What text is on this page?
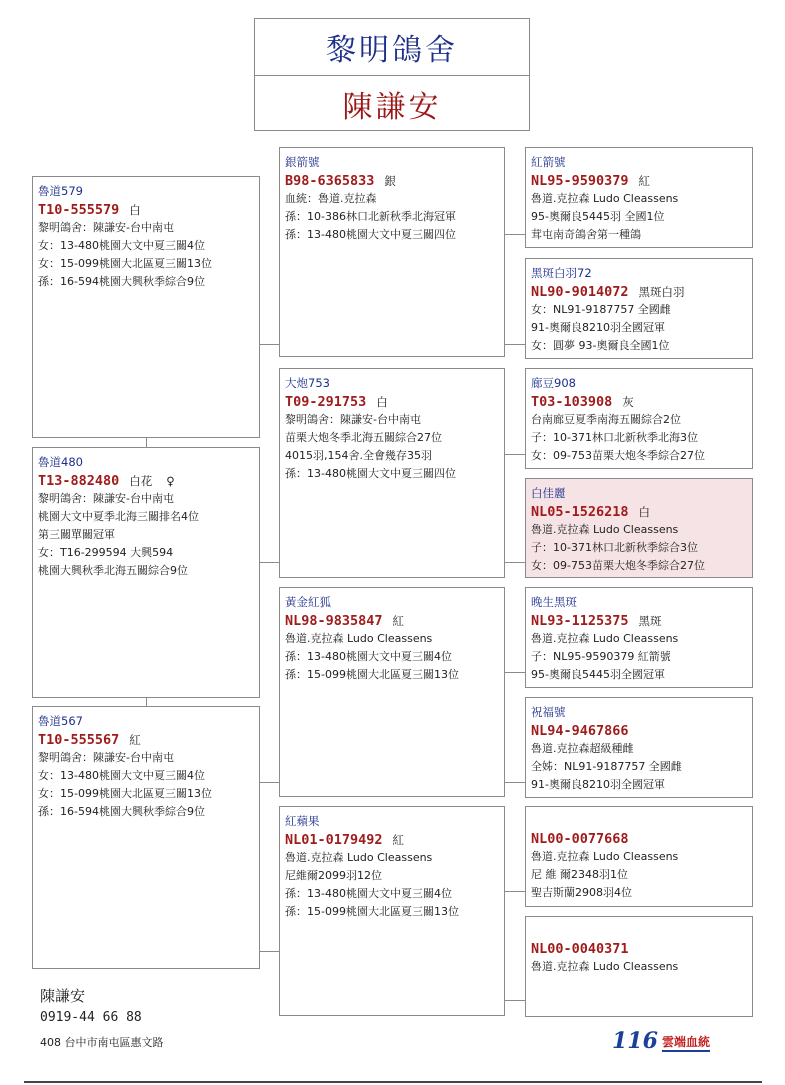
黎明鴿舍
陳謙安
魯道579
T10-555579 白
黎明鴿舍：陳謙安-台中南屯
女：13-480桃園大文中夏三關4位
女：15-099桃園大北區夏三關13位
孫：16-594桃園大興秋季綜合9位
魯道480
T13-882480 白花 ♀
黎明鴿舍：陳謙安-台中南屯
桃園大文中夏季北海三關排名4位
第三關單關冠軍
女：T16-299594 大興594
桃園大興秋季北海五關綜合9位
魯道567
T10-555567 紅
黎明鴿舍：陳謙安-台中南屯
女：13-480桃園大文中夏三關4位
女：15-099桃園大北區夏三關13位
孫：16-594桃園大興秋季綜合9位
銀箭號
B98-6365833 銀
血統：魯道.克拉森
孫：10-386林口北新秋季北海冠軍
孫：13-480桃園大文中夏三關四位
大炮753
T09-291753 白
黎明鴿舍：陳謙安-台中南屯
苗栗大炮冬季北海五關綜合27位
4015羽,154舍.全會幾存35羽
孫：13-480桃園大文中夏三關四位
黃金紅狐
NL98-9835847 紅
魯道.克拉森 Ludo Cleassens
孫：13-480桃園大文中夏三關4位
孫：15-099桃園大北區夏三關13位
紅蘋果
NL01-0179492 紅
魯道.克拉森 Ludo Cleassens
尼維爾2099羽12位
孫：13-480桃園大文中夏三關4位
孫：15-099桃園大北區夏三關13位
紅箭號
NL95-9590379 紅
魯道.克拉森 Ludo Cleassens
95-奧爾良5445羽 全國1位
茸屯南奇鴿舍第一種鴿
黑斑白羽72
NL90-9014072 黑斑白羽
女：NL91-9187757 全國雌
91-奧爾良8210羽全國冠軍
女：圓夢 93-奧爾良全國1位
廊豆908
T03-103908 灰
台南廊豆夏季南海五關綜合2位
子：10-371林口北新秋季北海3位
女：09-753苗栗大炮冬季綜合27位
白佳麗
NL05-1526218 白
魯道.克拉森 Ludo Cleassens
子：10-371林口北新秋季綜合3位
女：09-753苗栗大炮冬季綜合27位
晚生黑斑
NL93-1125375 黑斑
魯道.克拉森 Ludo Cleassens
子：NL95-9590379 紅箭號
95-奧爾良5445羽全國冠軍
祝福號
NL94-9467866
魯道.克拉森超級種雌
全姊：NL91-9187757 全國雌
91-奧爾良8210羽全國冠軍
NL00-0077668
魯道.克拉森 Ludo Cleassens
尼 維 爾2348羽1位
聖吉斯蘭2908羽4位
NL00-0040371
魯道.克拉森 Ludo Cleassens
陳謙安
0919-44 66 88
408 台中市南屯區惠文路	116 雲端血統
